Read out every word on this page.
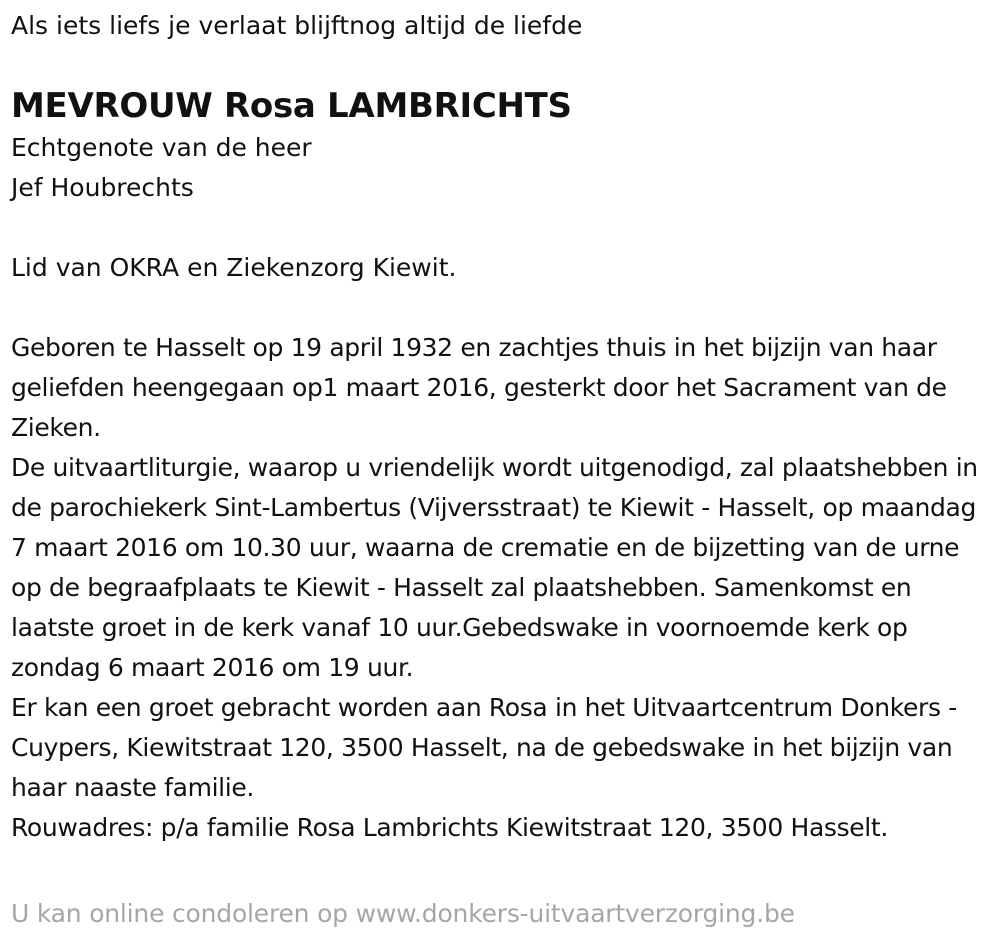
Als iets liefs je verlaat blijftnog altijd de liefde

MEVROUW Rosa LAMBRICHTS

Echtgenote van de heer

Jef Houbrechts

Lid van OKRA en Ziekenzorg Kiewit.

Geboren te Hasselt op 19 april 1932 en zachtjes thuis in het bijzijn van haar geliefden heengegaan op1 maart 2016, gesterkt door het Sacrament van de Zieken.

De uitvaartliturgie, waarop u vriendelijk wordt uitgenodigd, zal plaatshebben in de parochiekerk Sint-Lambertus (Vijversstraat) te Kiewit - Hasselt, op maandag 7 maart 2016 om 10.30 uur, waarna de crematie en de bijzetting van de urne op de begraafplaats te Kiewit - Hasselt zal plaatshebben. Samenkomst en laatste groet in de kerk vanaf 10 uur.Gebedswake in voornoemde kerk op zondag 6 maart 2016 om 19 uur.

Er kan een groet gebracht worden aan Rosa in het Uitvaartcentrum Donkers - Cuypers, Kiewitstraat 120, 3500 Hasselt, na de gebedswake in het bijzijn van haar naaste familie.

Rouwadres: p/a familie Rosa Lambrichts Kiewitstraat 120, 3500 Hasselt.

U kan online condoleren op www.donkers-uitvaartverzorging.be
